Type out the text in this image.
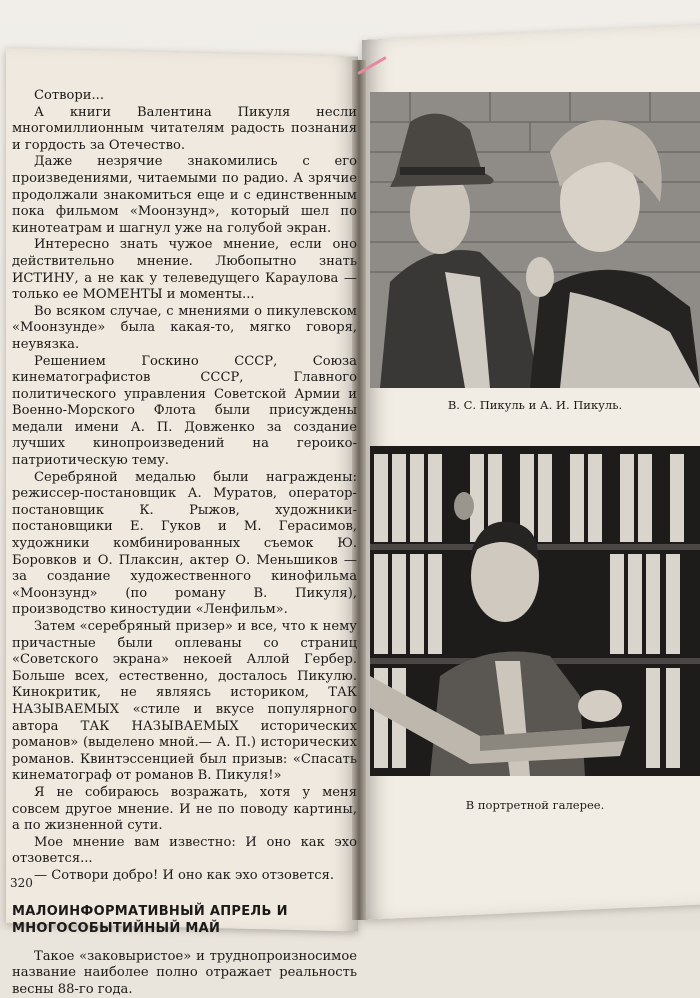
Сотвори...

А книги Валентина Пикуля несли многомиллионным читателям радость познания и гордость за Отечество.

Даже незрячие знакомились с его произведениями, читаемыми по радио. А зрячие продолжали знакомиться еще и с единственным пока фильмом «Моонзунд», который шел по кинотеатрам и шагнул уже на голубой экран.

Интересно знать чужое мнение, если оно действительно мнение. Любопытно знать ИСТИНУ, а не как у телеведущего Караулова — только ее МОМЕНТЫ и моменты...

Во всяком случае, с мнениями о пикулевском «Моонзунде» была какая-то, мягко говоря, неувязка.

Решением Госкино СССР, Союза кинематографистов СССР, Главного политического управления Советской Армии и Военно-Морского Флота были присуждены медали имени А. П. Довженко за создание лучших кинопроизведений на героико-патриотическую тему.

Серебряной медалью были награждены: режиссер-постановщик А. Муратов, оператор-постановщик К. Рыжов, художники-постановщики Е. Гуков и М. Герасимов, художники комбинированных съемок Ю. Боровков и О. Плаксин, актер О. Меньшиков — за создание художественного кинофильма «Моонзунд» (по роману В. Пикуля), производство киностудии «Ленфильм».

Затем «серебряный призер» и все, что к нему причастные были оплеваны со страниц «Советского экрана» некоей Аллой Гербер. Больше всех, естественно, досталось Пикулю. Кинокритик, не являясь историком, ТАК НАЗЫВАЕМЫХ «стиле и вкусе популярного автора ТАК НАЗЫВАЕМЫХ исторических романов» (выделено мной.— А. П.) исторических романов. Квинтэссенцией был призыв: «Спасать кинематограф от романов В. Пикуля!»

Я не собираюсь возражать, хотя у меня совсем другое мнение. И не по поводу картины, а по жизненной сути.

Мое мнение вам известно: И оно как эхо отзовется...

— Сотвори добро! И оно как эхо отзовется.

МАЛОИНФОРМАТИВНЫЙ АПРЕЛЬ И МНОГОСОБЫТИЙНЫЙ МАЙ

Такое «заковыристое» и труднопроизносимое название наиболее полно отражает реальность весны 88-го года.

320
В. С. Пикуль и А. И. Пикуль.
В портретной галерее.
